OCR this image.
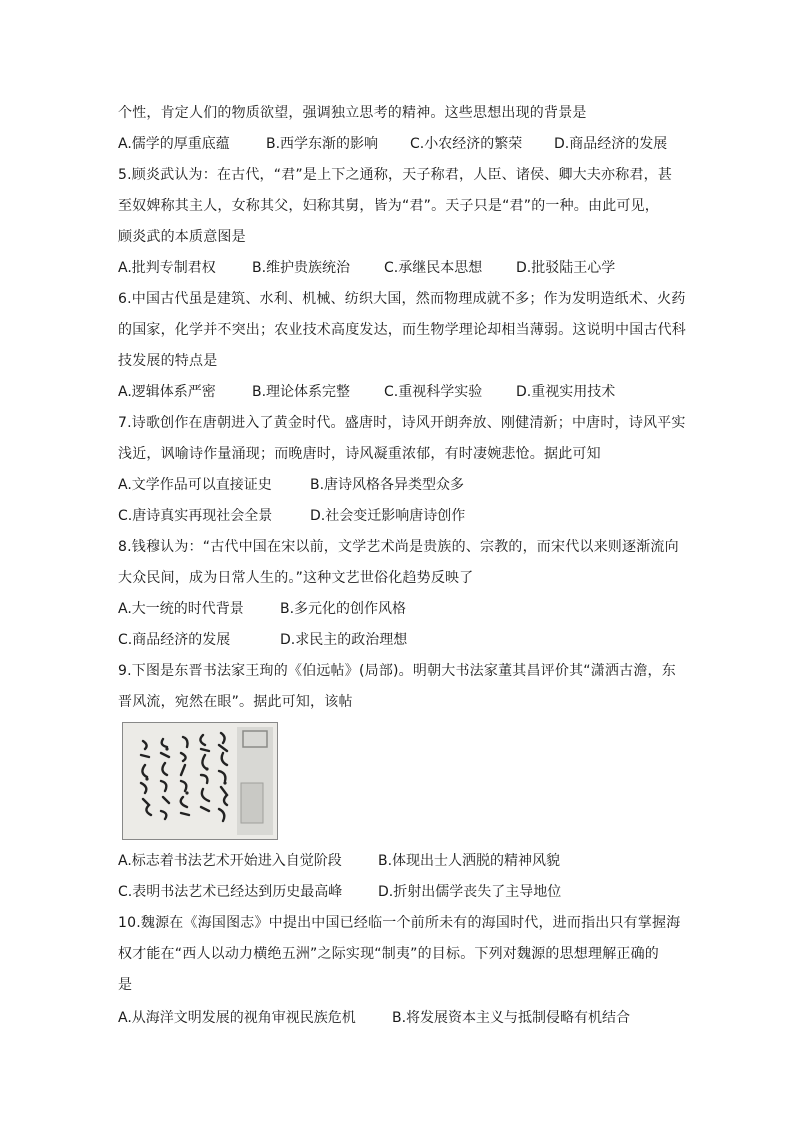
个性，肯定人们的物质欲望，强调独立思考的精神。这些思想出现的背景是
A.儒学的厚重底蕴	B.西学东渐的影响 C.小农经济的繁荣 D.商品经济的发展
5.顾炎武认为：在古代，“君”是上下之通称，天子称君，人臣、诸侯、卿大夫亦称君，甚
至奴婢称其主人，女称其父，妇称其舅，皆为“君”。天子只是“君”的一种。由此可见，
顾炎武的本质意图是
A.批判专制君权	B.维护贵族统治 C.承继民本思想 D.批驳陆王心学
6.中国古代虽是建筑、水利、机械、纺织大国，然而物理成就不多；作为发明造纸术、火药
的国家，化学并不突出；农业技术高度发达，而生物学理论却相当薄弱。这说明中国古代科
技发展的特点是
A.逻辑体系严密	B.理论体系完整 C.重视科学实验 D.重视实用技术
7.诗歌创作在唐朝进入了黄金时代。盛唐时，诗风开朗奔放、刚健清新；中唐时，诗风平实
浅近，讽喻诗作量涌现；而晚唐时，诗风凝重浓郁，有时凄婉悲怆。据此可知
A.文学作品可以直接证史	B.唐诗风格各异类型众多
C.唐诗真实再现社会全景	D.社会变迁影响唐诗创作
8.钱穆认为：“古代中国在宋以前，文学艺术尚是贵族的、宗教的，而宋代以来则逐渐流向
大众民间，成为日常人生的。”这种文艺世俗化趋势反映了
A.大一统的时代背景	B.多元化的创作风格
C.商品经济的发展	D.求民主的政治理想
9.下图是东晋书法家王珣的《伯远帖》(局部)。明朝大书法家董其昌评价其“潇洒古澹，东
晋风流，宛然在眼”。据此可知，该帖
A.标志着书法艺术开始进入自觉阶段	B.体现出士人洒脱的精神风貌
C.表明书法艺术已经达到历史最高峰	D.折射出儒学丧失了主导地位
10.魏源在《海国图志》中提出中国已经临一个前所未有的海国时代，进而指出只有掌握海
权才能在“西人以动力横绝五洲”之际实现“制夷”的目标。下列对魏源的思想理解正确的
是
A.从海洋文明发展的视角审视民族危机	B.将发展资本主义与抵制侵略有机结合
